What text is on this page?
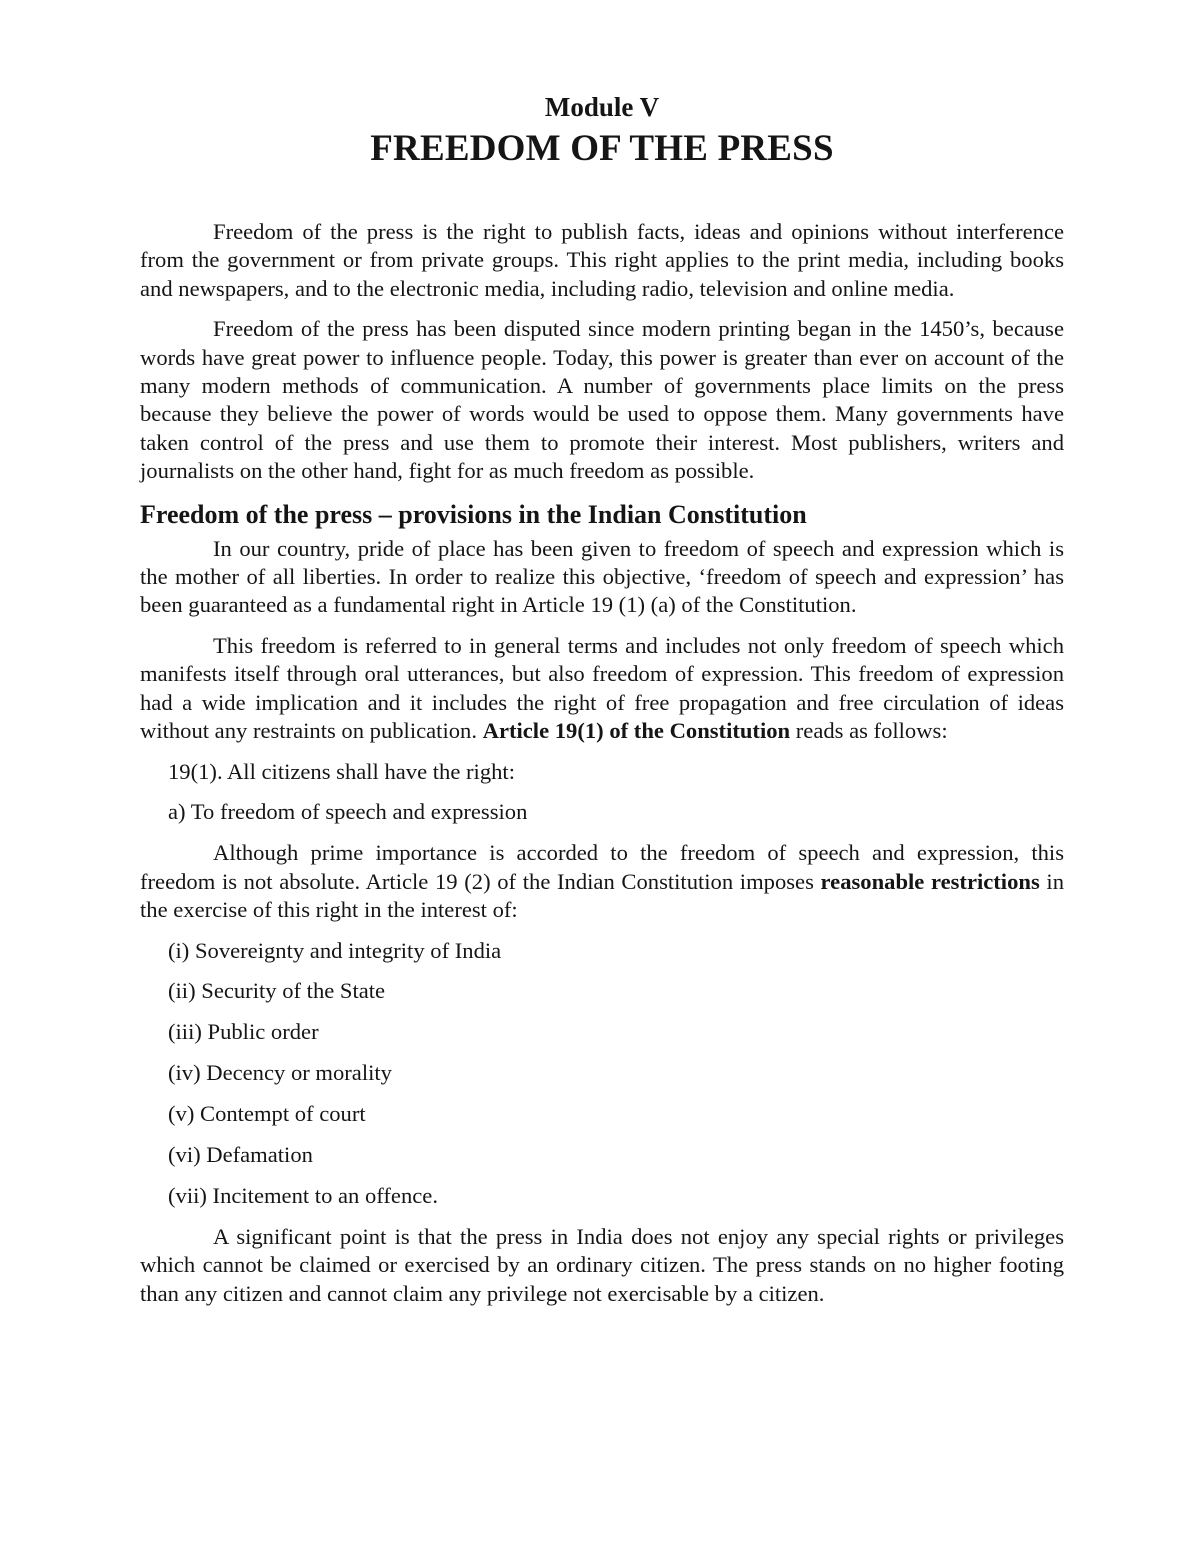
Module V

FREEDOM OF THE PRESS

Freedom of the press is the right to publish facts, ideas and opinions without interference from the government or from private groups. This right applies to the print media, including books and newspapers, and to the electronic media, including radio, television and online media.

Freedom of the press has been disputed since modern printing began in the 1450’s, because words have great power to influence people. Today, this power is greater than ever on account of the many modern methods of communication. A number of governments place limits on the press because they believe the power of words would be used to oppose them. Many governments have taken control of the press and use them to promote their interest. Most publishers, writers and journalists on the other hand, fight for as much freedom as possible.

Freedom of the press – provisions in the Indian Constitution

In our country, pride of place has been given to freedom of speech and expression which is the mother of all liberties. In order to realize this objective, ‘freedom of speech and expression’ has been guaranteed as a fundamental right in Article 19 (1) (a) of the Constitution.

This freedom is referred to in general terms and includes not only freedom of speech which manifests itself through oral utterances, but also freedom of expression. This freedom of expression had a wide implication and it includes the right of free propagation and free circulation of ideas without any restraints on publication. Article 19(1) of the Constitution reads as follows:

19(1). All citizens shall have the right:

a) To freedom of speech and expression

Although prime importance is accorded to the freedom of speech and expression, this freedom is not absolute. Article 19 (2) of the Indian Constitution imposes reasonable restrictions in the exercise of this right in the interest of:

(i) Sovereignty and integrity of India

(ii) Security of the State

(iii) Public order

(iv) Decency or morality

(v) Contempt of court

(vi) Defamation

(vii) Incitement to an offence.

A significant point is that the press in India does not enjoy any special rights or privileges which cannot be claimed or exercised by an ordinary citizen. The press stands on no higher footing than any citizen and cannot claim any privilege not exercisable by a citizen.
